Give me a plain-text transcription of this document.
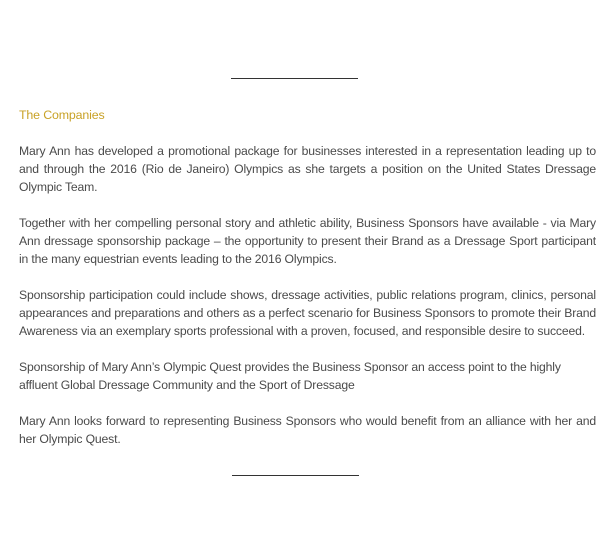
The Companies

Mary Ann has developed a promotional package for businesses interested in a representation leading up to and through the 2016 (Rio de Janeiro) Olympics as she targets a position on the United States Dressage Olympic Team.

Together with her compelling personal story and athletic ability, Business Sponsors have available - via Mary Ann dressage sponsorship package – the opportunity to present their Brand as a Dressage Sport participant in the many equestrian events leading to the 2016 Olympics.

Sponsorship participation could include shows, dressage activities, public relations program, clinics, personal appearances and preparations and others as a perfect scenario for Business Sponsors to promote their Brand Awareness via an exemplary sports professional with a proven, focused, and responsible desire to succeed.

Sponsorship of Mary Ann’s Olympic Quest provides the Business Sponsor an access point to the highly affluent Global Dressage Community and the Sport of Dressage

Mary Ann looks forward to representing Business Sponsors who would benefit from an alliance with her and her Olympic Quest.
